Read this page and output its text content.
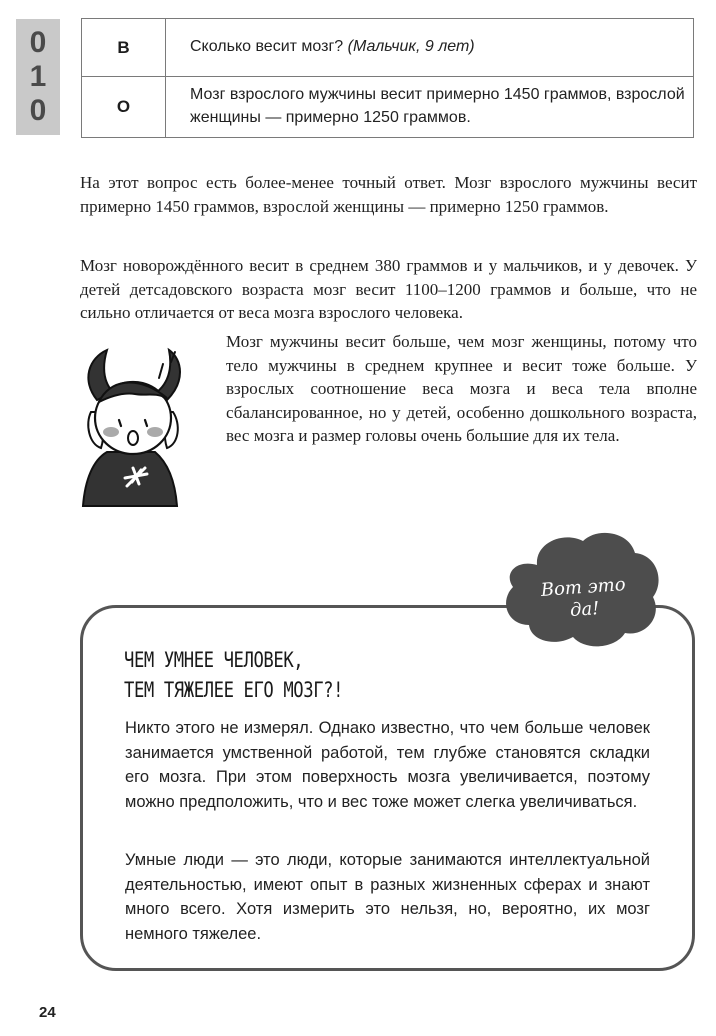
0
1
0
В	Сколько весит мозг? (Мальчик, 9 лет)
О
Мозг взрослого мужчины весит примерно 1450 граммов, взрослой женщины — примерно 1250 граммов.

На этот вопрос есть более-менее точный ответ. Мозг взрослого мужчины весит примерно 1450 граммов, взрослой женщины — примерно 1250 граммов.

Мозг новорождённого весит в среднем 380 граммов и у мальчиков, и у девочек. У детей детсадовского возраста мозг весит 1100–1200 граммов и больше, что не сильно отличается от веса мозга взрослого человека.

Мозг мужчины весит больше, чем мозг женщины, потому что тело мужчины в среднем крупнее и весит тоже больше. У взрослых соотношение веса мозга и веса тела вполне сбалансированное, но у детей, особенно дошкольного возраста, вес мозга и размер головы очень большие для их тела.

Вот это
да!
ЧЕМ УМНЕЕ ЧЕЛОВЕК,
ТЕМ ТЯЖЕЛЕЕ ЕГО МОЗГ?!

Никто этого не измерял. Однако известно, что чем больше человек занимается умственной работой, тем глубже становятся складки его мозга. При этом поверхность мозга увеличивается, поэтому можно предположить, что и вес тоже может слегка увеличиваться.

Умные люди — это люди, которые занимаются интеллектуальной деятельностью, имеют опыт в разных жизненных сферах и знают много всего. Хотя измерить это нельзя, но, вероятно, их мозг немного тяжелее.

24
